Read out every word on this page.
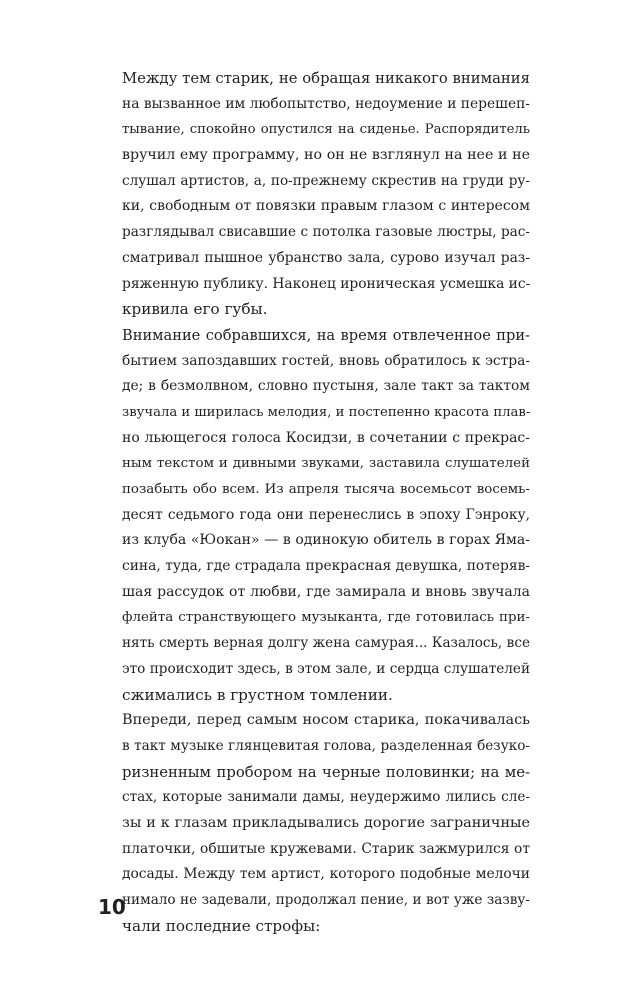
Между тем старик, не обращая никакого внимания
на вызванное им любопытство, недоумение и перешеп-
тывание, спокойно опустился на сиденье. Распорядитель
вручил ему программу, но он не взглянул на нее и не
слушал артистов, а, по-прежнему скрестив на груди ру-
ки, свободным от повязки правым глазом с интересом
разглядывал свисавшие с потолка газовые люстры, рас-
сматривал пышное убранство зала, сурово изучал раз-
ряженную публику. Наконец ироническая усмешка ис-
кривила его губы.
Внимание собравшихся, на время отвлеченное при-
бытием запоздавших гостей, вновь обратилось к эстра-
де; в безмолвном, словно пустыня, зале такт за тактом
звучала и ширилась мелодия, и постепенно красота плав-
но льющегося голоса Косидзи, в сочетании с прекрас-
ным текстом и дивными звуками, заставила слушателей
позабыть обо всем. Из апреля тысяча восемьсот восемь-
десят седьмого года они перенеслись в эпоху Гэнроку,
из клуба «Юокан» — в одинокую обитель в горах Яма-
сина, туда, где страдала прекрасная девушка, потеряв-
шая рассудок от любви, где замирала и вновь звучала
флейта странствующего музыканта, где готовилась при-
нять смерть верная долгу жена самурая... Казалось, все
это происходит здесь, в этом зале, и сердца слушателей
сжимались в грустном томлении.
Впереди, перед самым носом старика, покачивалась
в такт музыке глянцевитая голова, разделенная безуко-
ризненным пробором на черные половинки; на ме-
стах, которые занимали дамы, неудержимо лились сле-
зы и к глазам прикладывались дорогие заграничные
платочки, обшитые кружевами. Старик зажмурился от
досады. Между тем артист, которого подобные мелочи
нимало не задевали, продолжал пение, и вот уже зазву-
чали последние строфы:
10
